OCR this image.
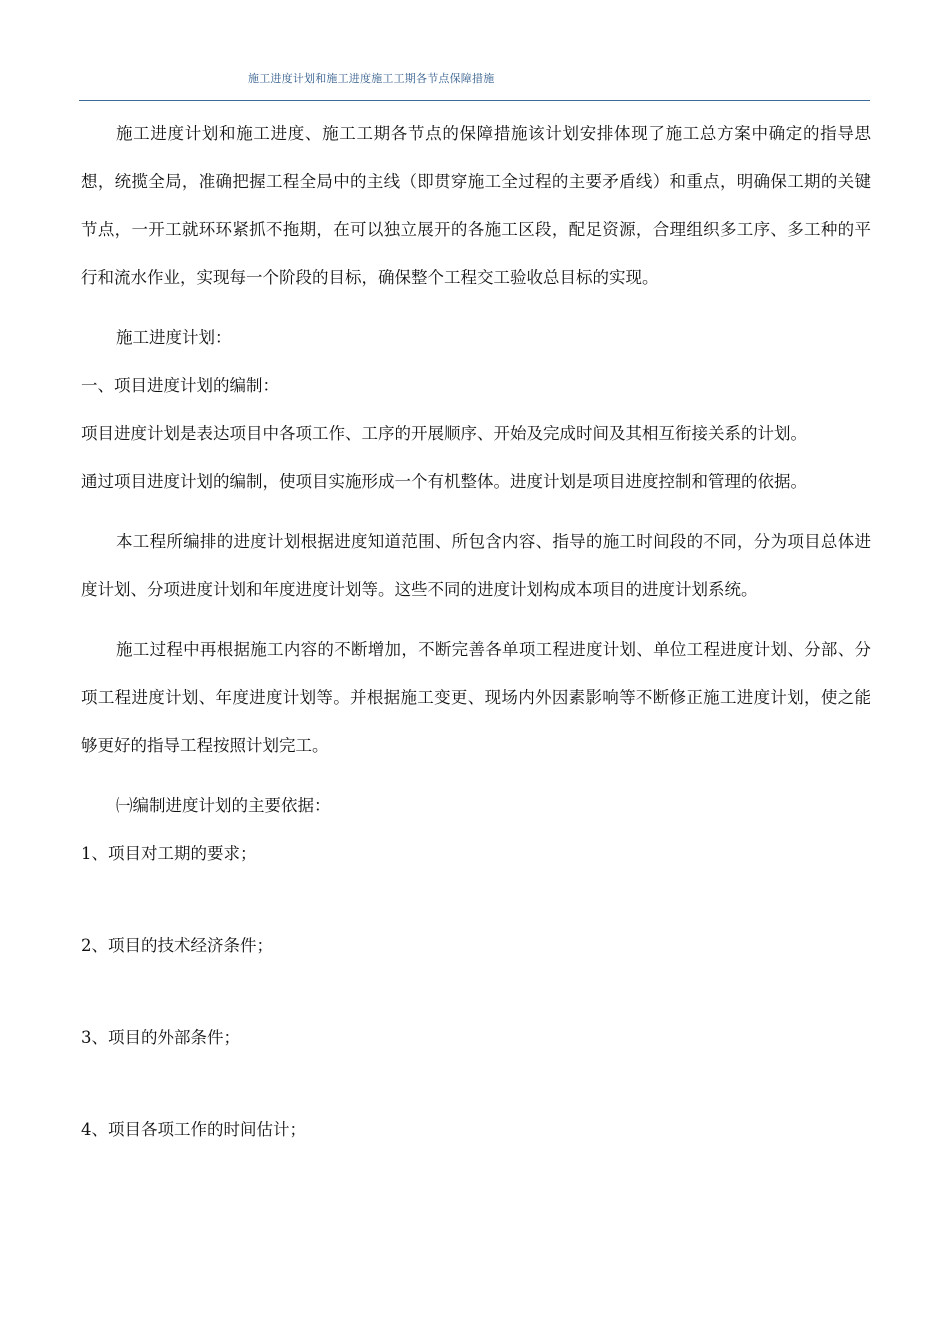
施工进度计划和施工进度施工工期各节点保障措施

施工进度计划和施工进度、施工工期各节点的保障措施该计划安排体现了施工总方案中确定的指导思想，统揽全局，准确把握工程全局中的主线（即贯穿施工全过程的主要矛盾线）和重点，明确保工期的关键节点，一开工就环环紧抓不拖期，在可以独立展开的各施工区段，配足资源，合理组织多工序、多工种的平行和流水作业，实现每一个阶段的目标，确保整个工程交工验收总目标的实现。

施工进度计划：

一、项目进度计划的编制：

项目进度计划是表达项目中各项工作、工序的开展顺序、开始及完成时间及其相互衔接关系的计划。

通过项目进度计划的编制，使项目实施形成一个有机整体。进度计划是项目进度控制和管理的依据。

本工程所编排的进度计划根据进度知道范围、所包含内容、指导的施工时间段的不同，分为项目总体进度计划、分项进度计划和年度进度计划等。这些不同的进度计划构成本项目的进度计划系统。

施工过程中再根据施工内容的不断增加，不断完善各单项工程进度计划、单位工程进度计划、分部、分项工程进度计划、年度进度计划等。并根据施工变更、现场内外因素影响等不断修正施工进度计划，使之能够更好的指导工程按照计划完工。

㈠编制进度计划的主要依据：

1、项目对工期的要求；

2、项目的技术经济条件；

3、项目的外部条件；

4、项目各项工作的时间估计；
